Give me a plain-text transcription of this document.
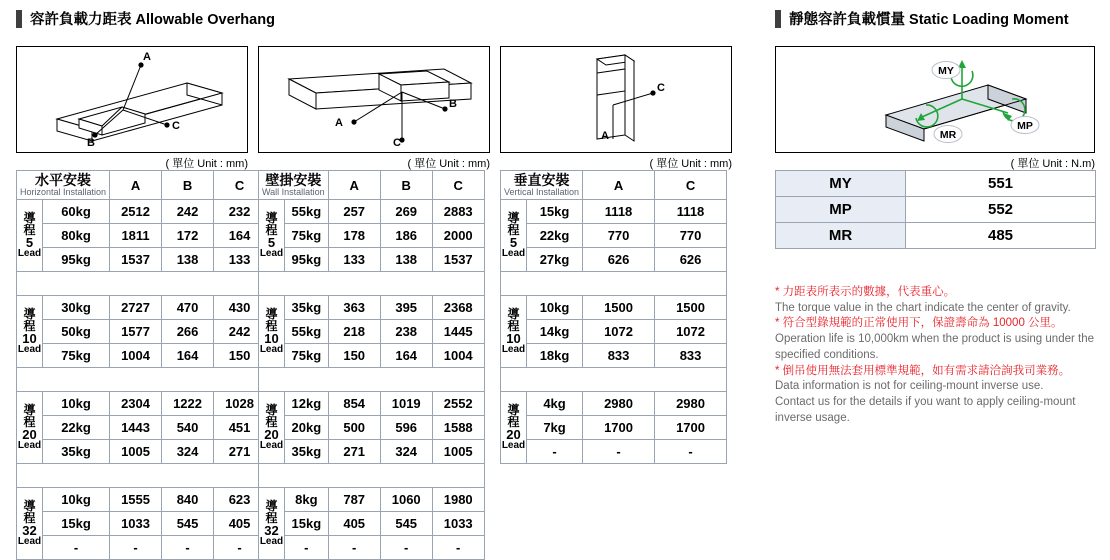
容許負載力距表 Allowable Overhang	靜態容許負載慣量 Static Loading Moment
A
C
B
A
B
C
C
A
MY
MP
MR
( 單位 Unit : mm)	( 單位 Unit : mm)	( 單位 Unit : mm)	( 單位 Unit : N.m)
水平安裝
Horizontal Installation		A	B	C

導
程
5
Lead	60kg	2512	242	232
	80kg	1811	172	164
	95kg	1537	138	133

導
程
10
Lead	30kg	2727	470	430
	50kg	1577	266	242
	75kg	1004	164	150

導
程
20
Lead	10kg	2304	1222	1028
	22kg	1443	540	451
	35kg	1005	324	271

導
程
32
Lead	10kg	1555	840	623
	15kg	1033	545	405
	-	-	-	-
壁掛安裝
Wall Installation		A	B	C

導
程
5
Lead	55kg	257	269	2883
	75kg	178	186	2000
	95kg	133	138	1537

導
程
10
Lead	35kg	363	395	2368
	55kg	218	238	1445
	75kg	150	164	1004

導
程
20
Lead	12kg	854	1019	2552
	20kg	500	596	1588
	35kg	271	324	1005

導
程
32
Lead	8kg	787	1060	1980
	15kg	405	545	1033
	-	-	-	-
垂直安裝
Vertical Installation		A	C

導
程
5
Lead	15kg	1118	1118
	22kg	770	770
	27kg	626	626

導
程
10
Lead	10kg	1500	1500
	14kg	1072	1072
	18kg	833	833

導
程
20
Lead	4kg	2980	2980
	7kg	1700	1700
	-	-	-
MY	551
MP	552
MR	485

* 力距表所表示的數據，代表重心。

The torque value in the chart indicate the center of gravity.

* 符合型錄規範的正常使用下，保證壽命為 10000 公里。

Operation life is 10,000km when the product is using under the

specified conditions.

* 倒吊使用無法套用標準規範，如有需求請洽詢我司業務。

Data information is not for ceiling-mount inverse use.

Contact us for the details if you want to apply ceiling-mount

inverse usage.
